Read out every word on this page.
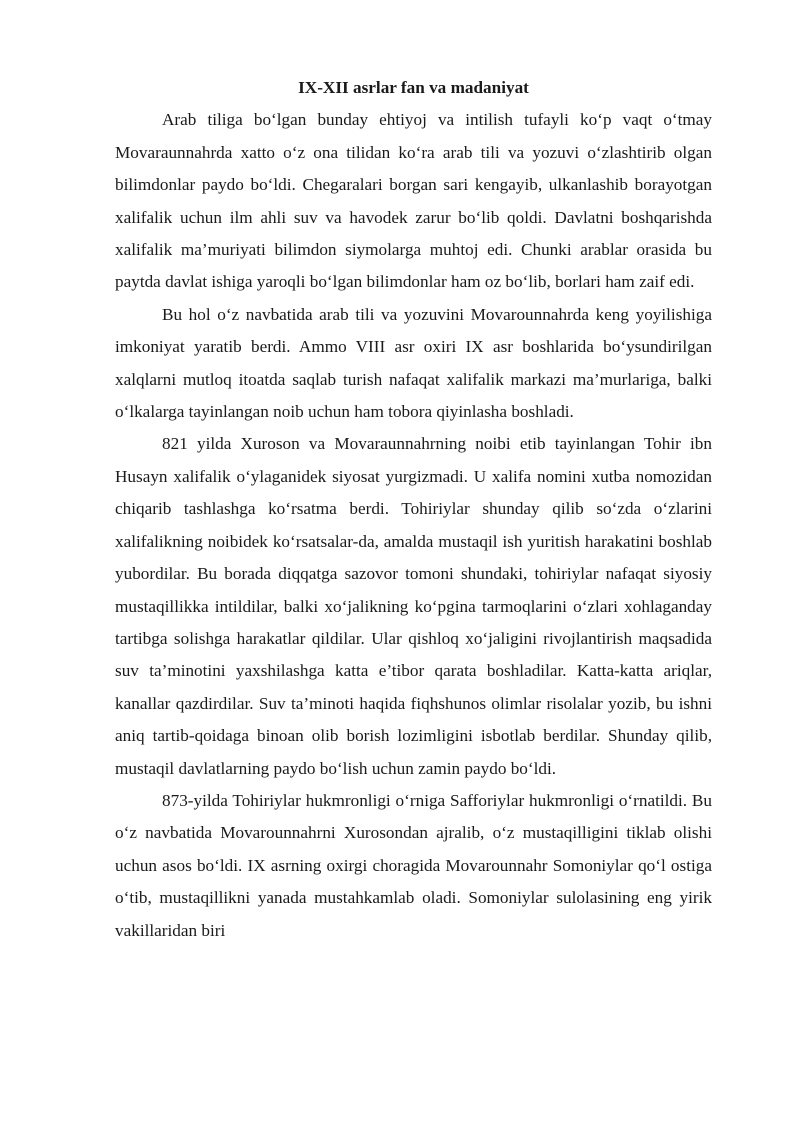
IX-XII asrlar fan va madaniyat

Arab tiliga bo‘lgan bunday ehtiyoj va intilish tufayli ko‘p vaqt o‘tmay Movaraunnahrda xatto o‘z ona tilidan ko‘ra arab tili va yozuvi o‘zlashtirib olgan bilimdonlar paydo bo‘ldi. Chegaralari borgan sari kengayib, ulkanlashib borayotgan xalifalik uchun ilm ahli suv va havodek zarur bo‘lib qoldi. Davlatni boshqarishda xalifalik ma’muriyati bilimdon siymolarga muhtoj edi. Chunki arablar orasida bu paytda davlat ishiga yaroqli bo‘lgan bilimdonlar ham oz bo‘lib, borlari ham zaif edi.

Bu hol o‘z navbatida arab tili va yozuvini Movarounnahrda keng yoyilishiga imkoniyat yaratib berdi. Ammo VIII asr oxiri IX asr boshlarida bo‘ysundirilgan xalqlarni mutloq itoatda saqlab turish nafaqat xalifalik markazi ma’murlariga, balki o‘lkalarga tayinlangan noib uchun ham tobora qiyinlasha boshladi.

821 yilda Xuroson va Movaraunnahrning noibi etib tayinlangan Tohir ibn Husayn xalifalik o‘ylaganidek siyosat yurgizmadi. U xalifa nomini xutba nomozidan chiqarib tashlashga ko‘rsatma berdi. Tohiriylar shunday qilib so‘zda o‘zlarini xalifalikning noibidek ko‘rsatsalar-da, amalda mustaqil ish yuritish harakatini boshlab yubordilar. Bu borada diqqatga sazovor tomoni shundaki, tohiriylar nafaqat siyosiy mustaqillikka intildilar, balki xo‘jalikning ko‘pgina tarmoqlarini o‘zlari xohlaganday tartibga solishga harakatlar qildilar. Ular qishloq xo‘jaligini rivojlantirish maqsadida suv ta’minotini yaxshilashga katta e’tibor qarata boshladilar. Katta-katta ariqlar, kanallar qazdirdilar. Suv ta’minoti haqida fiqhshunos olimlar risolalar yozib, bu ishni aniq tartib-qoidaga binoan olib borish lozimligini isbotlab berdilar. Shunday qilib, mustaqil davlatlarning paydo bo‘lish uchun zamin paydo bo‘ldi.

873-yilda Tohiriylar hukmronligi o‘rniga Safforiylar hukmronligi o‘rnatildi. Bu o‘z navbatida Movarounnahrni Xurosondan ajralib, o‘z mustaqilligini tiklab olishi uchun asos bo‘ldi. IX asrning oxirgi choragida Movarounnahr Somoniylar qo‘l ostiga o‘tib, mustaqillikni yanada mustahkamlab oladi. Somoniylar sulolasining eng yirik vakillaridan biri
